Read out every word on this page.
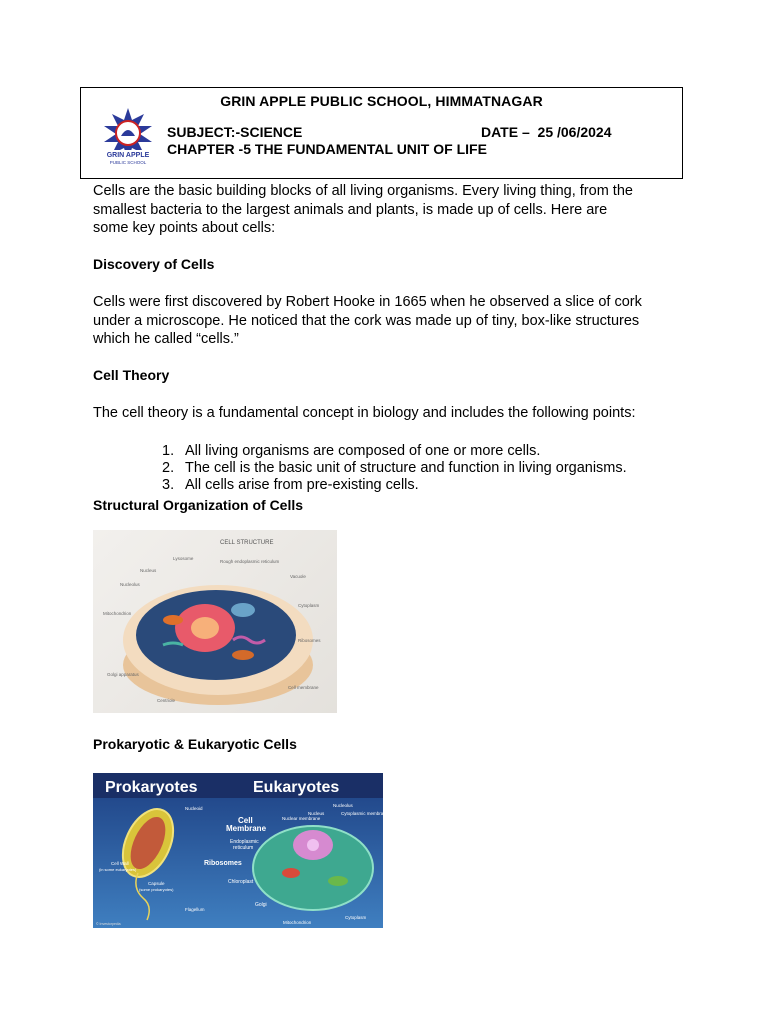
GRIN APPLE PUBLIC SCHOOL, HIMMATNAGAR
GRIN APPLE
PUBLIC SCHOOL
SUBJECT:-SCIENCE	DATE –  25 /06/2024
CHAPTER -5 THE FUNDAMENTAL UNIT OF LIFE
Cells are the basic building blocks of all living organisms. Every living thing, from the
smallest bacteria to the largest animals and plants, is made up of cells. Here are
some key points about cells:
Discovery of Cells
Cells were first discovered by Robert Hooke in 1665 when he observed a slice of cork
under a microscope. He noticed that the cork was made up of tiny, box-like structures
which he called “cells.”
Cell Theory
The cell theory is a fundamental concept in biology and includes the following points:
1. All living organisms are composed of one or more cells.
2. The cell is the basic unit of structure and function in living organisms.
3. All cells arise from pre-existing cells.
Structural Organization of Cells
CELL STRUCTURE
Lysosome
Rough endoplasmic reticulum
Nucleus
Vacuole
Nucleolus
Cytoplasm
Mitochondrion
Ribosomes
Golgi apparatus
Cell membrane
Centriole
Prokaryotic & Eukaryotic Cells
Prokaryotes	Eukaryotes
Nucleoid
Cell
Membrane
Nuclear membrane
Nucleus
Nucleolus
Cytoplasmic membrane
Endoplasmic
reticulum
Ribosomes
Cell Wall
(in some eukaryotes)
Capsule
(some prokaryotes)
Chloroplast
Flagellum
Golgi
Cytoplasm
Mitochondrion
© Investorpedia
